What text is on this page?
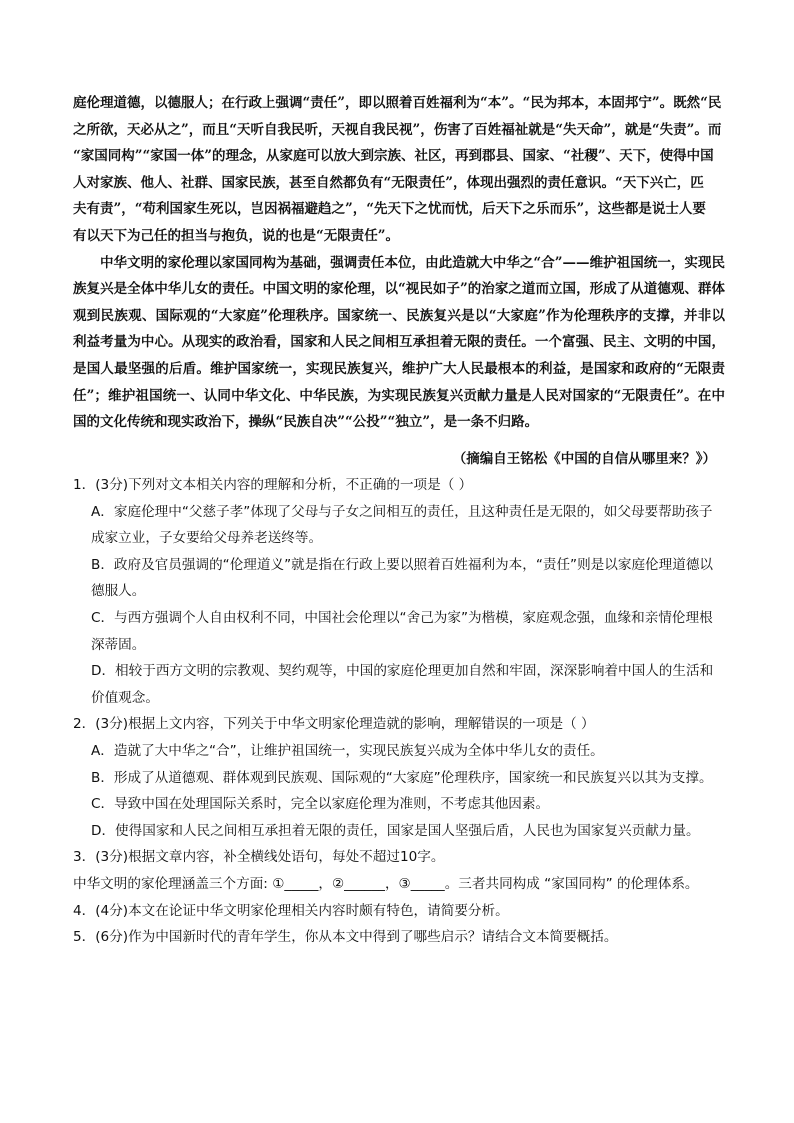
庭伦理道德，以德服人；在行政上强调“责任”，即以照着百姓福利为“本”。“民为邦本，本固邦宁”。既然“民

之所欲，天必从之”，而且“天听自我民听，天视自我民视”，伤害了百姓福祉就是“失天命”，就是“失责”。而

“家国同构”“家国一体”的理念，从家庭可以放大到宗族、社区，再到郡县、国家、“社稷”、天下，使得中国

人对家族、他人、社群、国家民族，甚至自然都负有“无限责任”，体现出强烈的责任意识。“天下兴亡，匹

夫有责”，“苟利国家生死以，岂因祸福避趋之”，“先天下之忧而忧，后天下之乐而乐”，这些都是说士人要

有以天下为己任的担当与抱负，说的也是“无限责任”。

中华文明的家伦理以家国同构为基础，强调责任本位，由此造就大中华之“合”——维护祖国统一，实现民族复兴是全体中华儿女的责任。中国文明的家伦理，以“视民如子”的治家之道而立国，形成了从道德观、群体观到民族观、国际观的“大家庭”伦理秩序。国家统一、民族复兴是以“大家庭”作为伦理秩序的支撑，并非以利益考量为中心。从现实的政治看，国家和人民之间相互承担着无限的责任。一个富强、民主、文明的中国，是国人最坚强的后盾。维护国家统一，实现民族复兴，维护广大人民最根本的利益，是国家和政府的“无限责任”；维护祖国统一、认同中华文化、中华民族，为实现民族复兴贡献力量是人民对国家的“无限责任”。在中国的文化传统和现实政治下，操纵“民族自决”“公投”“独立”，是一条不归路。

（摘编自王铭松《中国的自信从哪里来？》）

1．(3分)下列对文本相关内容的理解和分析，不正确的一项是（ ）

A．家庭伦理中“父慈子孝”体现了父母与子女之间相互的责任，且这种责任是无限的，如父母要帮助孩子成家立业，子女要给父母养老送终等。

B．政府及官员强调的“伦理道义”就是指在行政上要以照着百姓福利为本，“责任”则是以家庭伦理道德以德服人。

C．与西方强调个人自由权利不同，中国社会伦理以“舍己为家”为楷模，家庭观念强，血缘和亲情伦理根深蒂固。

D．相较于西方文明的宗教观、契约观等，中国的家庭伦理更加自然和牢固，深深影响着中国人的生活和价值观念。

2．(3分)根据上文内容，下列关于中华文明家伦理造就的影响，理解错误的一项是（ ）

A．造就了大中华之“合”，让维护祖国统一，实现民族复兴成为全体中华儿女的责任。

B．形成了从道德观、群体观到民族观、国际观的“大家庭”伦理秩序，国家统一和民族复兴以其为支撑。

C．导致中国在处理国际关系时，完全以家庭伦理为准则，不考虑其他因素。

D．使得国家和人民之间相互承担着无限的责任，国家是国人坚强后盾，人民也为国家复兴贡献力量。

3．(3分)根据文章内容，补全横线处语句，每处不超过10字。

中华文明的家伦理涵盖三个方面: ①_____，②______，③_____。三者共同构成 “家国同构” 的伦理体系。

4．(4分)本文在论证中华文明家伦理相关内容时颇有特色，请简要分析。

5．(6分)作为中国新时代的青年学生，你从本文中得到了哪些启示？请结合文本简要概括。
